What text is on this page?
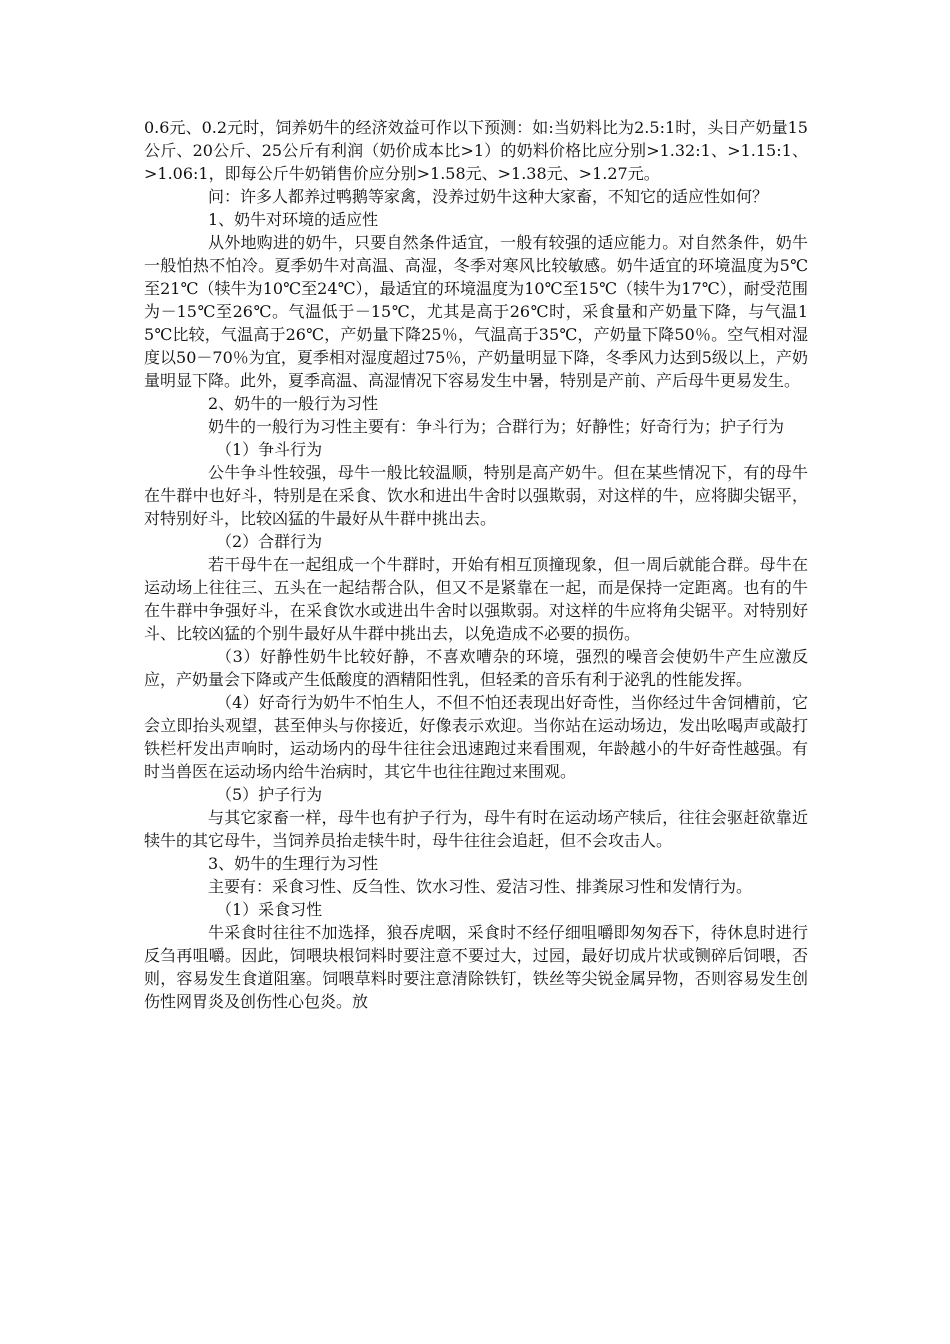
0.6元、0.2元时，饲养奶牛的经济效益可作以下预测：如:当奶料比为2.5:1时，头日产奶量15公斤、20公斤、25公斤有利润（奶价成本比>1）的奶料价格比应分别>1.32:1、>1.15:1、>1.06:1，即每公斤牛奶销售价应分别>1.58元、>1.38元、>1.27元。

问：许多人都养过鸭鹅等家禽，没养过奶牛这种大家畜，不知它的适应性如何？

1、奶牛对环境的适应性

从外地购进的奶牛，只要自然条件适宜，一般有较强的适应能力。对自然条件，奶牛一般怕热不怕冷。夏季奶牛对高温、高湿，冬季对寒风比较敏感。奶牛适宜的环境温度为5℃至21℃（犊牛为10℃至24℃），最适宜的环境温度为10℃至15℃（犊牛为17℃），耐受范围为－15℃至26℃。气温低于－15℃，尤其是高于26℃时，采食量和产奶量下降，与气温15℃比较，气温高于26℃，产奶量下降25％，气温高于35℃，产奶量下降50％。空气相对湿度以50－70％为宜，夏季相对湿度超过75％，产奶量明显下降，冬季风力达到5级以上，产奶量明显下降。此外，夏季高温、高湿情况下容易发生中暑，特别是产前、产后母牛更易发生。

2、奶牛的一般行为习性

奶牛的一般行为习性主要有：争斗行为；合群行为；好静性；好奇行为；护子行为

（1）争斗行为

公牛争斗性较强，母牛一般比较温顺，特别是高产奶牛。但在某些情况下，有的母牛在牛群中也好斗，特别是在采食、饮水和进出牛舍时以强欺弱，对这样的牛，应将脚尖锯平，对特别好斗，比较凶猛的牛最好从牛群中挑出去。

（2）合群行为

若干母牛在一起组成一个牛群时，开始有相互顶撞现象，但一周后就能合群。母牛在运动场上往往三、五头在一起结帮合队，但又不是紧靠在一起，而是保持一定距离。也有的牛在牛群中争强好斗，在采食饮水或进出牛舍时以强欺弱。对这样的牛应将角尖锯平。对特别好斗、比较凶猛的个别牛最好从牛群中挑出去，以免造成不必要的损伤。

（3）好静性奶牛比较好静，不喜欢嘈杂的环境，强烈的噪音会使奶牛产生应激反应，产奶量会下降或产生低酸度的酒精阳性乳，但轻柔的音乐有利于泌乳的性能发挥。

（4）好奇行为奶牛不怕生人，不但不怕还表现出好奇性，当你经过牛舍饲槽前，它会立即抬头观望，甚至伸头与你接近，好像表示欢迎。当你站在运动场边，发出吆喝声或敲打铁栏杆发出声响时，运动场内的母牛往往会迅速跑过来看围观，年龄越小的牛好奇性越强。有时当兽医在运动场内给牛治病时，其它牛也往往跑过来围观。

（5）护子行为

与其它家畜一样，母牛也有护子行为，母牛有时在运动场产犊后，往往会驱赶欲靠近犊牛的其它母牛，当饲养员抬走犊牛时，母牛往往会追赶，但不会攻击人。

3、奶牛的生理行为习性

主要有：采食习性、反刍性、饮水习性、爱洁习性、排粪尿习性和发情行为。

（1）采食习性

牛采食时往往不加选择，狼吞虎咽，采食时不经仔细咀嚼即匆匆吞下，待休息时进行反刍再咀嚼。因此，饲喂块根饲料时要注意不要过大，过园，最好切成片状或铡碎后饲喂，否则，容易发生食道阻塞。饲喂草料时要注意清除铁钉，铁丝等尖锐金属异物，否则容易发生创伤性网胃炎及创伤性心包炎。放
